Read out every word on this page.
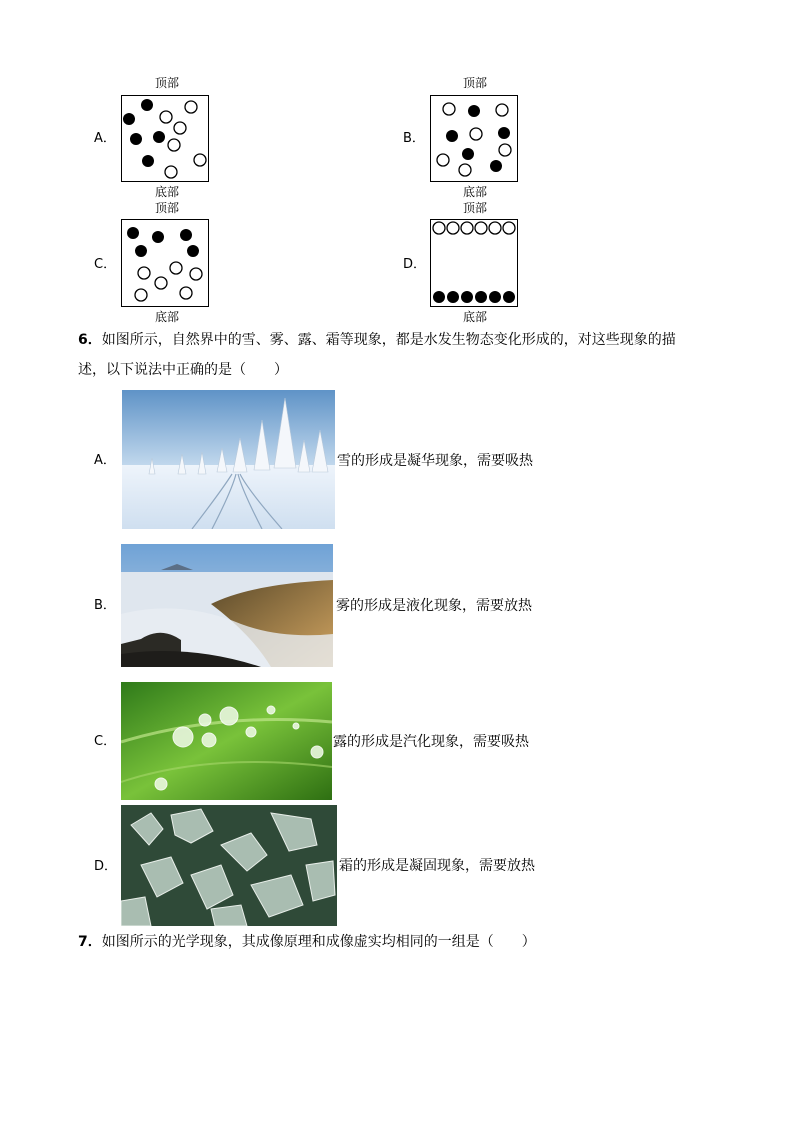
顶部
A．
底部
顶部
B．
底部
顶部
C．
底部
顶部
D．
底部
6．如图所示，自然界中的雪、雾、露、霜等现象，都是水发生物态变化形成的，对这些现象的描
述，以下说法中正确的是（　　）
A．	雪的形成是凝华现象，需要吸热
B．	雾的形成是液化现象，需要放热
C．	露的形成是汽化现象，需要吸热
D．	霜的形成是凝固现象，需要放热
7．如图所示的光学现象，其成像原理和成像虚实均相同的一组是（　　）
